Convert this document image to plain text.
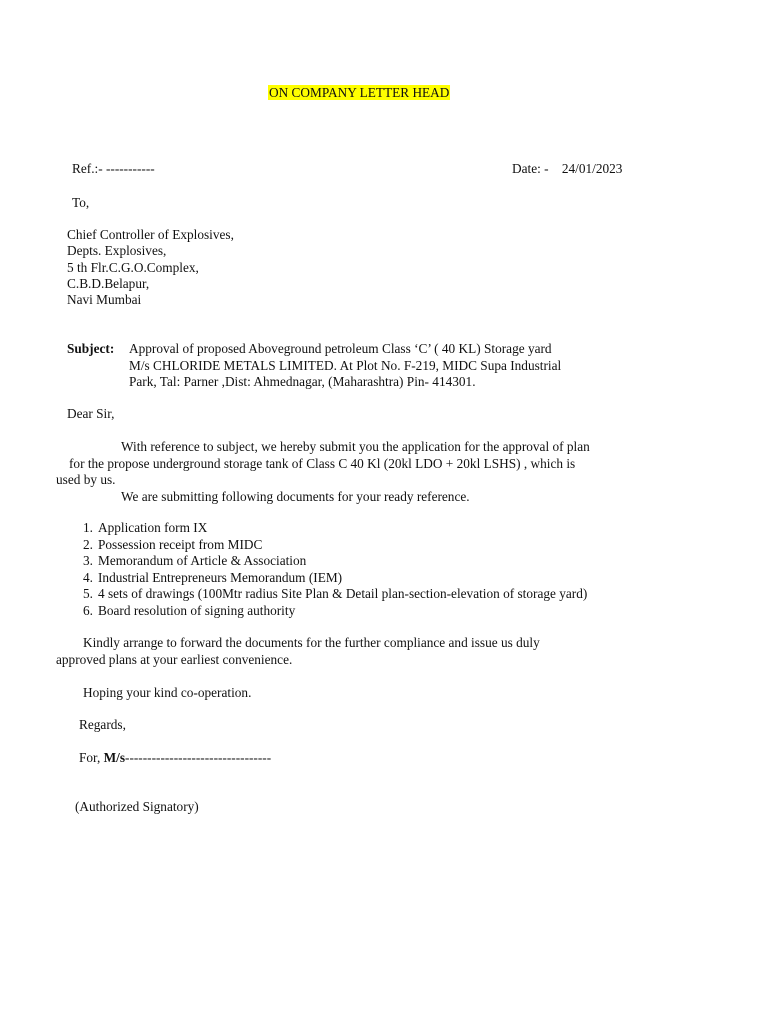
ON COMPANY LETTER HEAD
Ref.:- -----------	Date: - 24/01/2023
To,
Chief Controller of Explosives,
Depts. Explosives,
5 th Flr.C.G.O.Complex,
C.B.D.Belapur,
Navi Mumbai
Subject: Approval of proposed Aboveground petroleum Class ‘C’ ( 40 KL) Storage yard
M/s CHLORIDE METALS LIMITED. At Plot No. F-219, MIDC Supa Industrial
Park, Tal: Parner ,Dist: Ahmednagar, (Maharashtra) Pin- 414301.
Dear Sir,
With reference to subject, we hereby submit you the application for the approval of plan
for the propose underground storage tank of Class C 40 Kl (20kl LDO + 20kl LSHS) , which is
used by us.
We are submitting following documents for your ready reference.
1. Application form IX
2. Possession receipt from MIDC
3. Memorandum of Article & Association
4. Industrial Entrepreneurs Memorandum (IEM)
5. 4 sets of drawings (100Mtr radius Site Plan & Detail plan-section-elevation of storage yard)
6. Board resolution of signing authority
Kindly arrange to forward the documents for the further compliance and issue us duly
approved plans at your earliest convenience.
Hoping your kind co-operation.
Regards,
For, M/s---------------------------------
(Authorized Signatory)
